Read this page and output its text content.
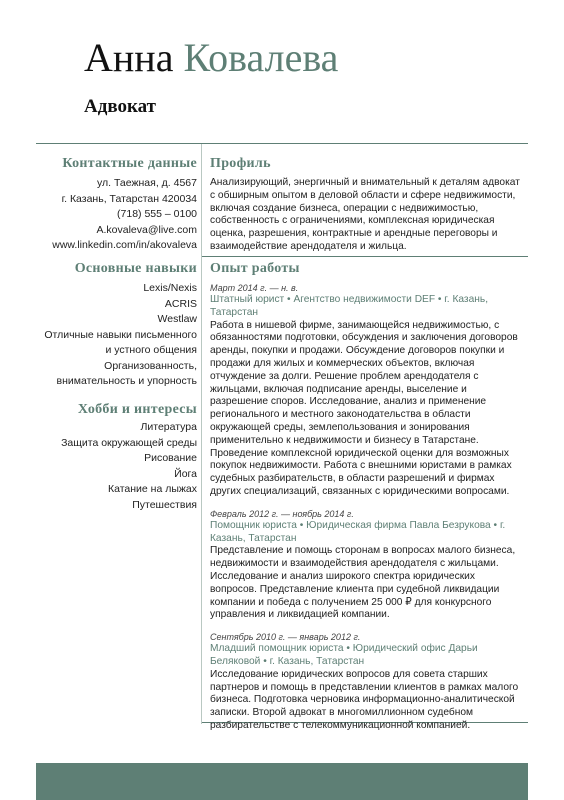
Анна Ковалева
Адвокат
Контактные данные
ул. Таежная, д. 4567
г. Казань, Татарстан 420034
(718) 555 – 0100
A.kovaleva@live.com
www.linkedin.com/in/akovaleva
Основные навыки
Lexis/Nexis
ACRIS
Westlaw
Отличные навыки письменного
и устного общения
Организованность,
внимательность и упорность
Хобби и интересы
Литература
Защита окружающей среды
Рисование
Йога
Катание на лыжах
Путешествия
Профиль
Анализирующий, энергичный и внимательный к деталям адвокат с обширным опытом в деловой области и сфере недвижимости, включая создание бизнеса, операции с недвижимостью, собственность с ограничениями, комплексная юридическая оценка, разрешения, контрактные и арендные переговоры и взаимодействие арендодателя и жильца.
Опыт работы
Март 2014 г. — н. в.
Штатный юрист • Агентство недвижимости DEF • г. Казань, Татарстан
Работа в нишевой фирме, занимающейся недвижимостью, с обязанностями подготовки, обсуждения и заключения договоров аренды, покупки и продажи. Обсуждение договоров покупки и продажи для жилых и коммерческих объектов, включая отчуждение за долги. Решение проблем арендодателя с жильцами, включая подписание аренды, выселение и разрешение споров. Исследование, анализ и применение регионального и местного законодательства в области окружающей среды, землепользования и зонирования применительно к недвижимости и бизнесу в Татарстане. Проведение комплексной юридической оценки для возможных покупок недвижимости. Работа с внешними юристами в рамках судебных разбирательств, в области разрешений и фирмах других специализаций, связанных с юридическими вопросами.
Февраль 2012 г. — ноябрь 2014 г.
Помощник юриста • Юридическая фирма Павла Безрукова • г. Казань, Татарстан
Представление и помощь сторонам в вопросах малого бизнеса, недвижимости и взаимодействия арендодателя с жильцами. Исследование и анализ широкого спектра юридических вопросов. Представление клиента при судебной ликвидации компании и победа с получением 25 000 ₽ для конкурсного управления и ликвидацией компании.
Сентябрь 2010 г. — январь 2012 г.
Младший помощник юриста • Юридический офис Дарьи Беляковой • г. Казань, Татарстан
Исследование юридических вопросов для совета старших партнеров и помощь в представлении клиентов в рамках малого бизнеса. Подготовка черновика информационно-аналитической записки. Второй адвокат в многомиллионном судебном разбирательстве с телекоммуникационной компанией.
